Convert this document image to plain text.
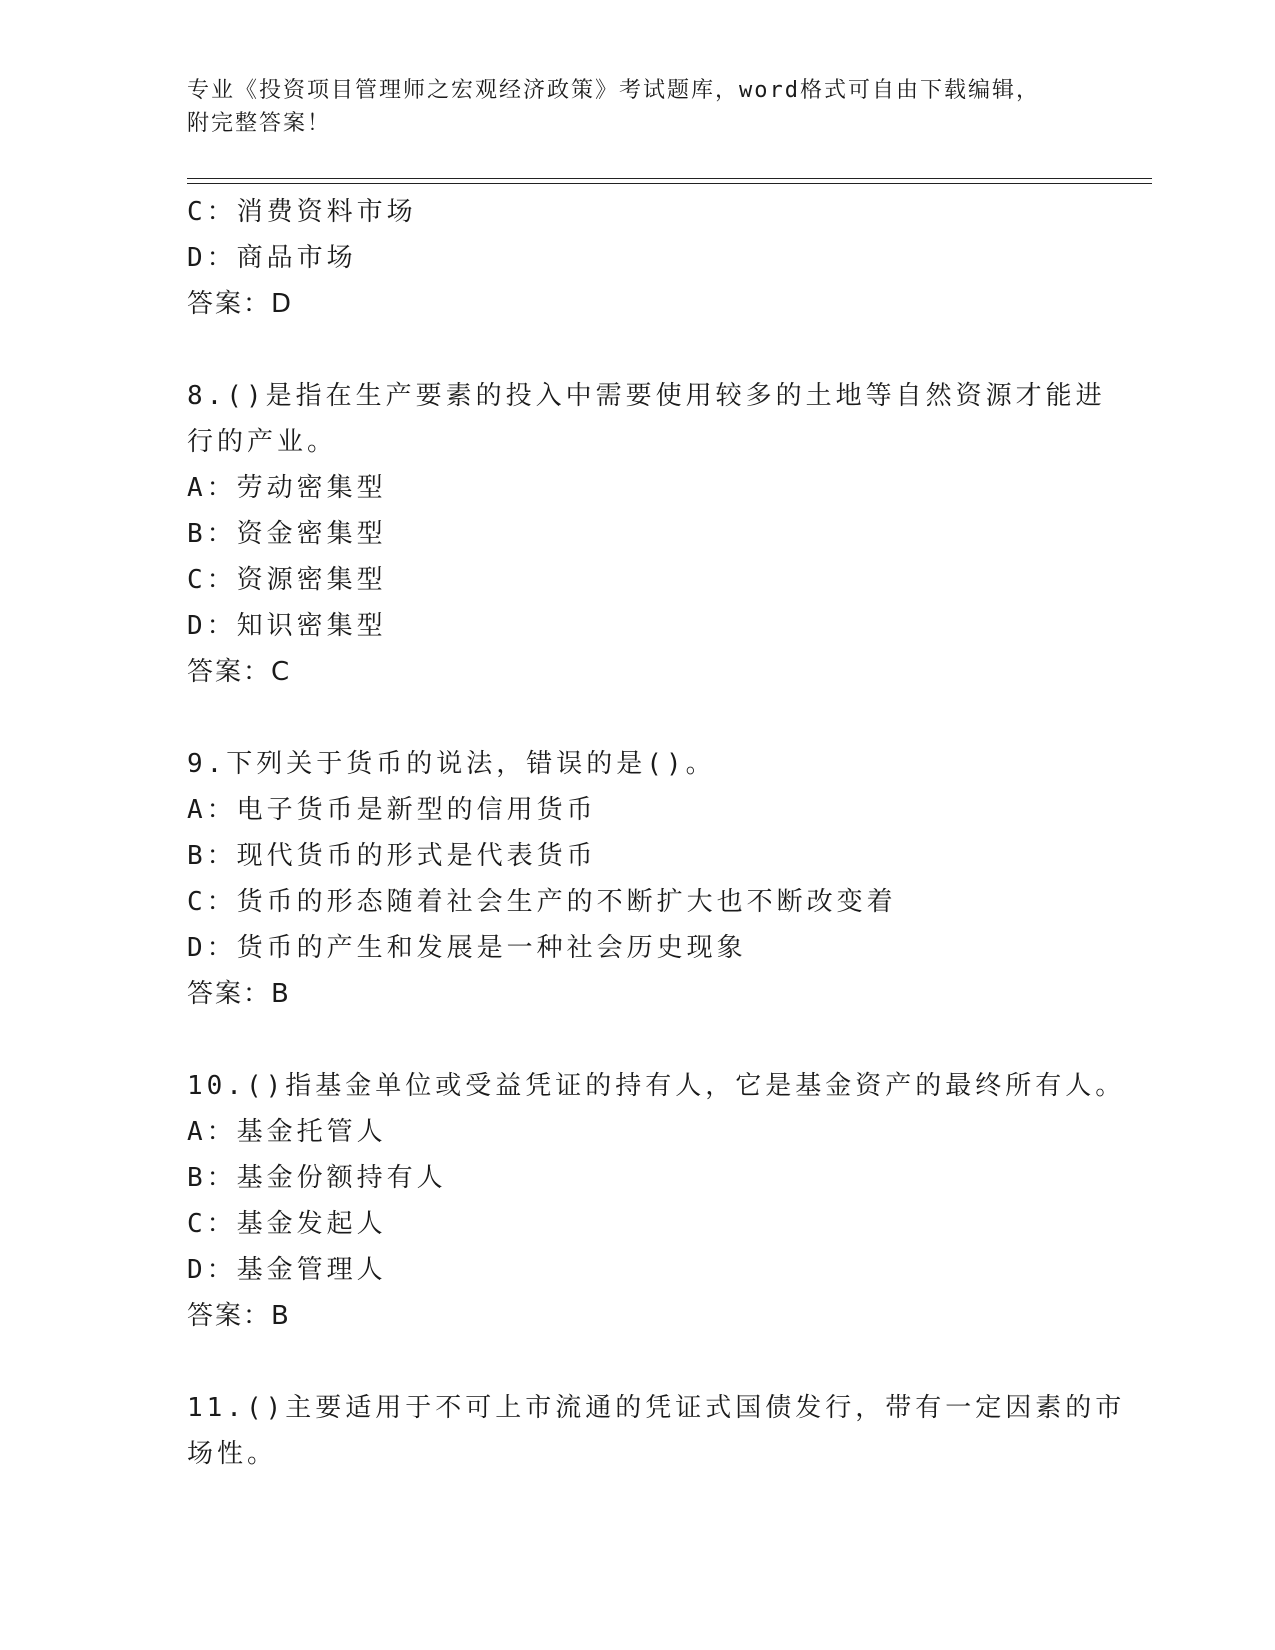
专业《投资项目管理师之宏观经济政策》考试题库，word格式可自由下载编辑，
附完整答案！
C：消费资料市场
D：商品市场
答案：D
8.()是指在生产要素的投入中需要使用较多的土地等自然资源才能进
行的产业。
A：劳动密集型
B：资金密集型
C：资源密集型
D：知识密集型
答案：C
9.下列关于货币的说法，错误的是()。
A：电子货币是新型的信用货币
B：现代货币的形式是代表货币
C：货币的形态随着社会生产的不断扩大也不断改变着
D：货币的产生和发展是一种社会历史现象
答案：B
10.()指基金单位或受益凭证的持有人，它是基金资产的最终所有人。
A：基金托管人
B：基金份额持有人
C：基金发起人
D：基金管理人
答案：B
11.()主要适用于不可上市流通的凭证式国债发行，带有一定因素的市
场性。
